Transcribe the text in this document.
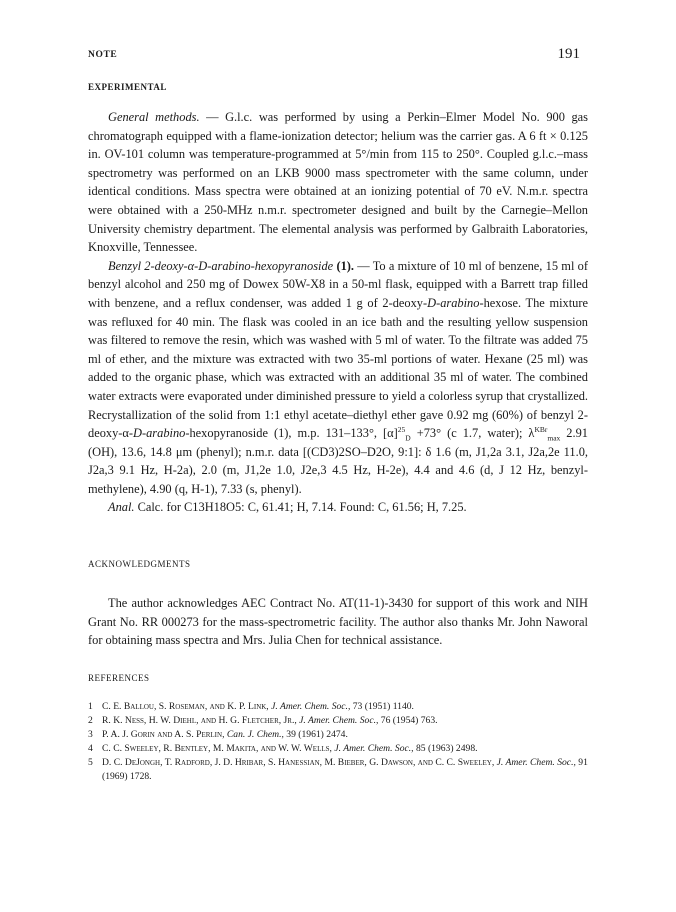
NOTE	191
EXPERIMENTAL

General methods. — G.l.c. was performed by using a Perkin–Elmer Model No. 900 gas chromatograph equipped with a flame-ionization detector; helium was the carrier gas. A 6 ft × 0.125 in. OV-101 column was temperature-programmed at 5°/min from 115 to 250°. Coupled g.l.c.–mass spectrometry was performed on an LKB 9000 mass spectrometer with the same column, under identical conditions. Mass spectra were obtained at an ionizing potential of 70 eV. N.m.r. spectra were obtained with a 250-MHz n.m.r. spectrometer designed and built by the Carnegie–Mellon University chemistry department. The elemental analysis was performed by Galbraith Laboratories, Knoxville, Tennessee.

Benzyl 2-deoxy-α-D-arabino-hexopyranoside (1). — To a mixture of 10 ml of benzene, 15 ml of benzyl alcohol and 250 mg of Dowex 50W-X8 in a 50-ml flask, equipped with a Barrett trap filled with benzene, and a reflux condenser, was added 1 g of 2-deoxy-D-arabino-hexose. The mixture was refluxed for 40 min. The flask was cooled in an ice bath and the resulting yellow suspension was filtered to remove the resin, which was washed with 5 ml of water. To the filtrate was added 75 ml of ether, and the mixture was extracted with two 35-ml portions of water. Hexane (25 ml) was added to the organic phase, which was extracted with an additional 35 ml of water. The combined water extracts were evaporated under diminished pressure to yield a colorless syrup that crystallized. Recrystallization of the solid from 1:1 ethyl acetate–diethyl ether gave 0.92 mg (60%) of benzyl 2-deoxy-α-D-arabino-hexopyranoside (1), m.p. 131–133°, $[\alpha]^{25}_D +73^\circ$ (c 1.7, water); $\lambda^{KBr}_{max}$ 2.91 (OH), 13.6, 14.8 μm (phenyl); n.m.r. data [(CD3)2SO–D2O, 9:1]: δ 1.6 (m, J1,2a 3.1, J2a,2e 11.0, J2a,3 9.1 Hz, H-2a), 2.0 (m, J1,2e 1.0, J2e,3 4.5 Hz, H-2e), 4.4 and 4.6 (d, J 12 Hz, benzyl-methylene), 4.90 (q, H-1), 7.33 (s, phenyl).

Anal. Calc. for C13H18O5: C, 61.41; H, 7.14. Found: C, 61.56; H, 7.25.

ACKNOWLEDGMENTS

The author acknowledges AEC Contract No. AT(11-1)-3430 for support of this work and NIH Grant No. RR 000273 for the mass-spectrometric facility. The author also thanks Mr. John Naworal for obtaining mass spectra and Mrs. Julia Chen for technical assistance.

REFERENCES
1 C. E. Ballou, S. Roseman, and K. P. Link, J. Amer. Chem. Soc., 73 (1951) 1140.
2 R. K. Ness, H. W. Diehl, and H. G. Fletcher, Jr., J. Amer. Chem. Soc., 76 (1954) 763.
3 P. A. J. Gorin and A. S. Perlin, Can. J. Chem., 39 (1961) 2474.
4 C. C. Sweeley, R. Bentley, M. Makita, and W. W. Wells, J. Amer. Chem. Soc., 85 (1963) 2498.
5 D. C. DeJongh, T. Radford, J. D. Hribar, S. Hanessian, M. Bieber, G. Dawson, and C. C. Sweeley, J. Amer. Chem. Soc., 91 (1969) 1728.
